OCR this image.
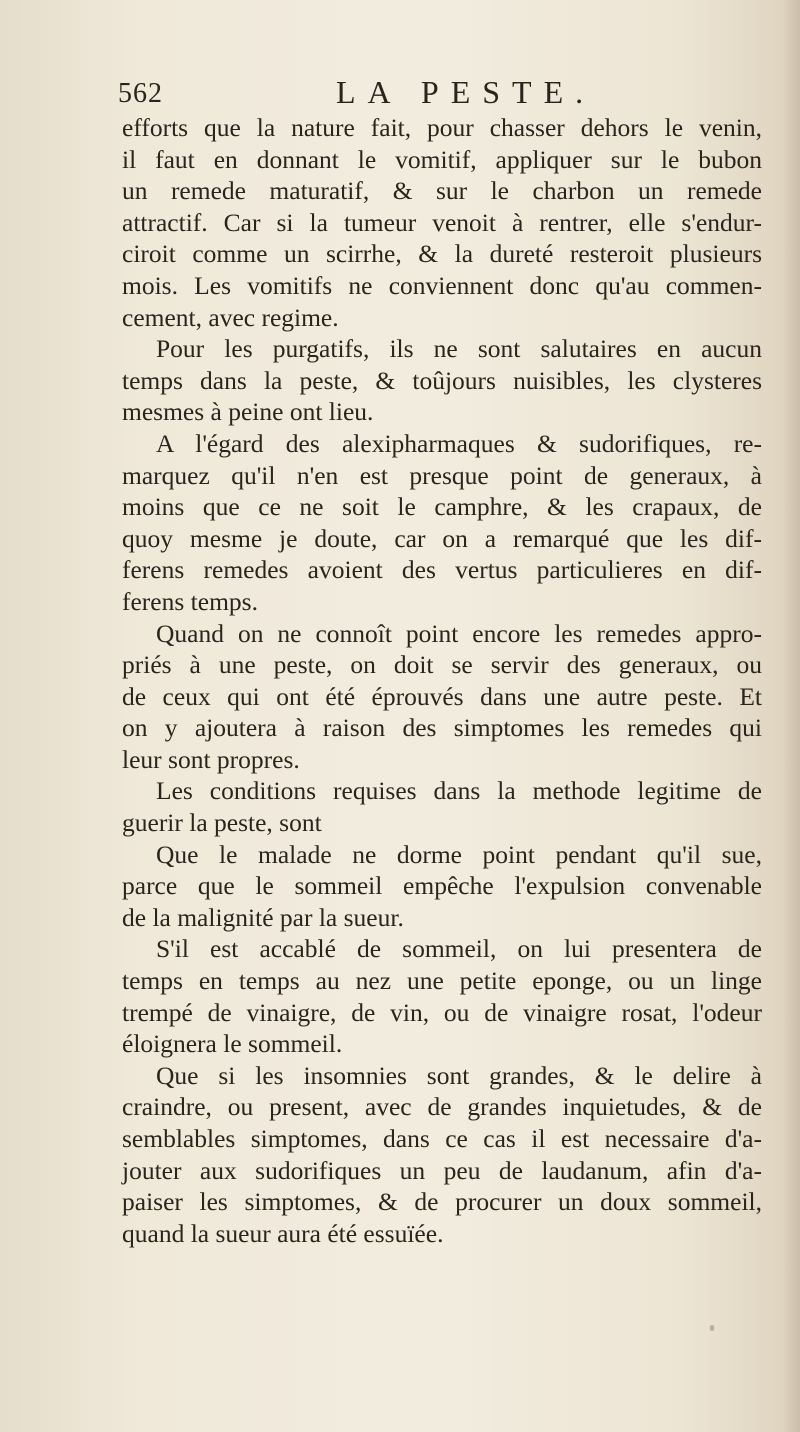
562	LA PESTE.
efforts que la nature fait, pour chasser dehors le venin,
il faut en donnant le vomitif, appliquer sur le bubon
un remede maturatif, & sur le charbon un remede
attractif. Car si la tumeur venoit à rentrer, elle s'endur-
ciroit comme un scirrhe, & la dureté resteroit plusieurs
mois. Les vomitifs ne conviennent donc qu'au commen-
cement, avec regime.
Pour les purgatifs, ils ne sont salutaires en aucun
temps dans la peste, & toûjours nuisibles, les clysteres
mesmes à peine ont lieu.
A l'égard des alexipharmaques & sudorifiques, re-
marquez qu'il n'en est presque point de generaux, à
moins que ce ne soit le camphre, & les crapaux, de
quoy mesme je doute, car on a remarqué que les dif-
ferens remedes avoient des vertus particulieres en dif-
ferens temps.
Quand on ne connoît point encore les remedes appro-
priés à une peste, on doit se servir des generaux, ou
de ceux qui ont été éprouvés dans une autre peste. Et
on y ajoutera à raison des simptomes les remedes qui
leur sont propres.
Les conditions requises dans la methode legitime de
guerir la peste, sont
Que le malade ne dorme point pendant qu'il sue,
parce que le sommeil empêche l'expulsion convenable
de la malignité par la sueur.
S'il est accablé de sommeil, on lui presentera de
temps en temps au nez une petite eponge, ou un linge
trempé de vinaigre, de vin, ou de vinaigre rosat, l'odeur
éloignera le sommeil.
Que si les insomnies sont grandes, & le delire à
craindre, ou present, avec de grandes inquietudes, & de
semblables simptomes, dans ce cas il est necessaire d'a-
jouter aux sudorifiques un peu de laudanum, afin d'a-
paiser les simptomes, & de procurer un doux sommeil,
quand la sueur aura été essuïée.
